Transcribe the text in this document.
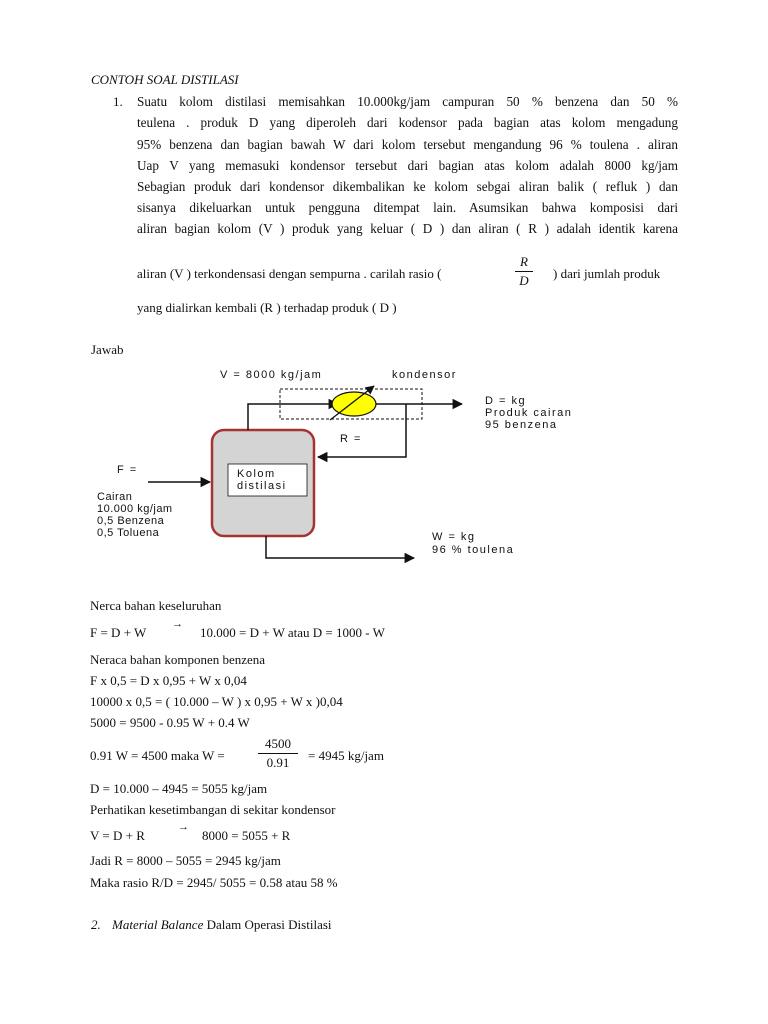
CONTOH SOAL DISTILASI
1. Suatu kolom distilasi memisahkan 10.000kg/jam campuran 50 % benzena dan 50 %
teulena . produk D yang diperoleh dari kodensor pada bagian atas kolom mengadung
95% benzena dan bagian bawah W dari kolom tersebut mengandung 96 % toulena . aliran
Uap V yang memasuki kondensor tersebut dari bagian atas kolom adalah 8000 kg/jam
Sebagian produk dari kondensor dikembalikan ke kolom sebgai aliran balik ( refluk ) dan
sisanya dikeluarkan untuk pengguna ditempat lain. Asumsikan bahwa komposisi dari
aliran bagian kolom (V ) produk yang keluar ( D ) dan aliran ( R ) adalah identik karena
aliran (V ) terkondensasi dengan sempurna . carilah rasio (
R
D	) dari jumlah produk
yang dialirkan kembali (R ) terhadap produk ( D )
Jawab
V = 8000 kg/jam	kondensor
D = kg
Produk cairan
95 benzena
R =
F =	Kolom
distilasi
Cairan
10.000 kg/jam
0,5 Benzena
0,5 Toluena	W = kg
96 % toulena
Nerca bahan keseluruhan
F = D + W
→
10.000 = D + W atau D = 1000 - W
Neraca bahan komponen benzena
F x 0,5 = D x 0,95 + W x 0,04
10000 x 0,5 = ( 10.000 – W ) x 0,95 + W x )0,04
5000 = 9500 - 0.95 W + 0.4 W
0.91 W = 4500 maka W =
4500
0.91	= 4945 kg/jam
D = 10.000 – 4945 = 5055 kg/jam
Perhatikan kesetimbangan di sekitar kondensor
V = D + R
→
8000 = 5055 + R
Jadi R = 8000 – 5055 = 2945 kg/jam
Maka rasio R/D = 2945/ 5055 = 0.58 atau 58 %
2. Material Balance Dalam Operasi Distilasi
